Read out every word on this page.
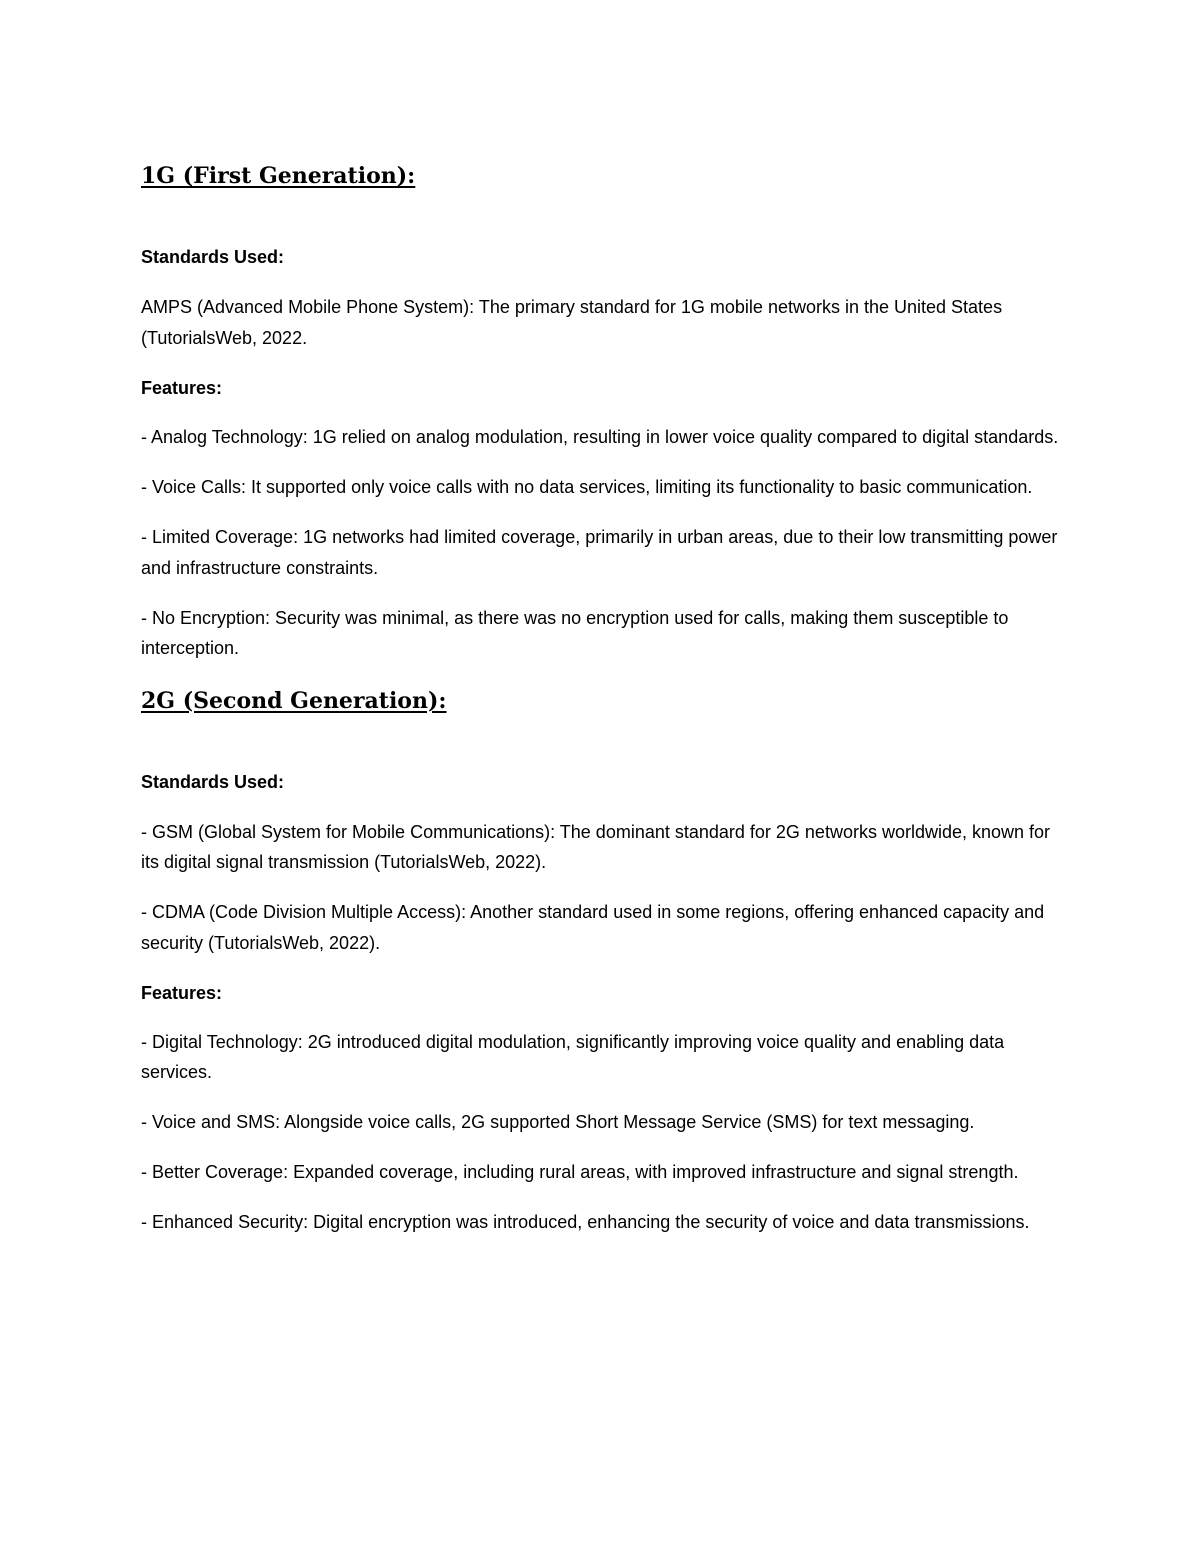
1G (First Generation):

Standards Used:

AMPS (Advanced Mobile Phone System): The primary standard for 1G mobile networks in the United States (TutorialsWeb, 2022.

Features:

- Analog Technology: 1G relied on analog modulation, resulting in lower voice quality compared to digital standards.

- Voice Calls: It supported only voice calls with no data services, limiting its functionality to basic communication.

- Limited Coverage: 1G networks had limited coverage, primarily in urban areas, due to their low transmitting power and infrastructure constraints.

- No Encryption: Security was minimal, as there was no encryption used for calls, making them susceptible to interception.

2G (Second Generation):

Standards Used:

- GSM (Global System for Mobile Communications): The dominant standard for 2G networks worldwide, known for its digital signal transmission (TutorialsWeb, 2022).

- CDMA (Code Division Multiple Access): Another standard used in some regions, offering enhanced capacity and security (TutorialsWeb, 2022).

Features:

- Digital Technology: 2G introduced digital modulation, significantly improving voice quality and enabling data services.

- Voice and SMS: Alongside voice calls, 2G supported Short Message Service (SMS) for text messaging.

- Better Coverage: Expanded coverage, including rural areas, with improved infrastructure and signal strength.

- Enhanced Security: Digital encryption was introduced, enhancing the security of voice and data transmissions.
